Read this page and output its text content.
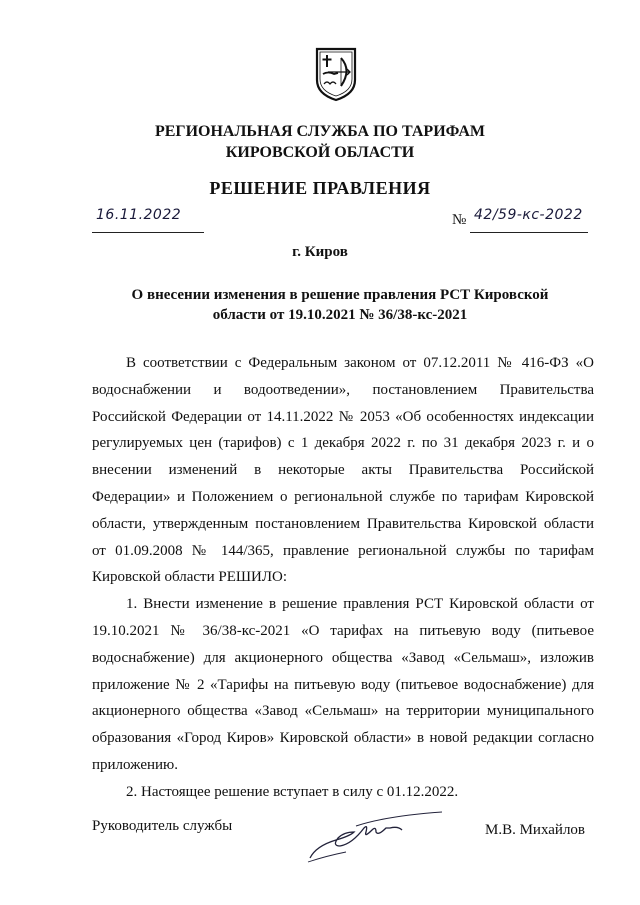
РЕГИОНАЛЬНАЯ СЛУЖБА ПО ТАРИФАМ
КИРОВСКОЙ ОБЛАСТИ
РЕШЕНИЕ ПРАВЛЕНИЯ
16.11.2022	№ 42/59-кс-2022
г. Киров
О внесении изменения в решение правления РСТ Кировской
области от 19.10.2021 № 36/38-кс-2021

В соответствии с Федеральным законом от 07.12.2011 № 416-ФЗ «О водоснабжении и водоотведении», постановлением Правительства Российской Федерации от 14.11.2022 № 2053 «Об особенностях индексации регулируемых цен (тарифов) с 1 декабря 2022 г. по 31 декабря 2023 г. и о внесении изменений в некоторые акты Правительства Российской Федерации» и Положением о региональной службе по тарифам Кировской области, утвержденным постановлением Правительства Кировской области от 01.09.2008 № 144/365, правление региональной службы по тарифам Кировской области РЕШИЛО:

1. Внести изменение в решение правления РСТ Кировской области от 19.10.2021 № 36/38-кс-2021 «О тарифах на питьевую воду (питьевое водоснабжение) для акционерного общества «Завод «Сельмаш», изложив приложение № 2 «Тарифы на питьевую воду (питьевое водоснабжение) для акционерного общества «Завод «Сельмаш» на территории муниципального образования «Город Киров» Кировской области» в новой редакции согласно приложению.

2. Настоящее решение вступает в силу с 01.12.2022.

Руководитель службы	М.В. Михайлов
